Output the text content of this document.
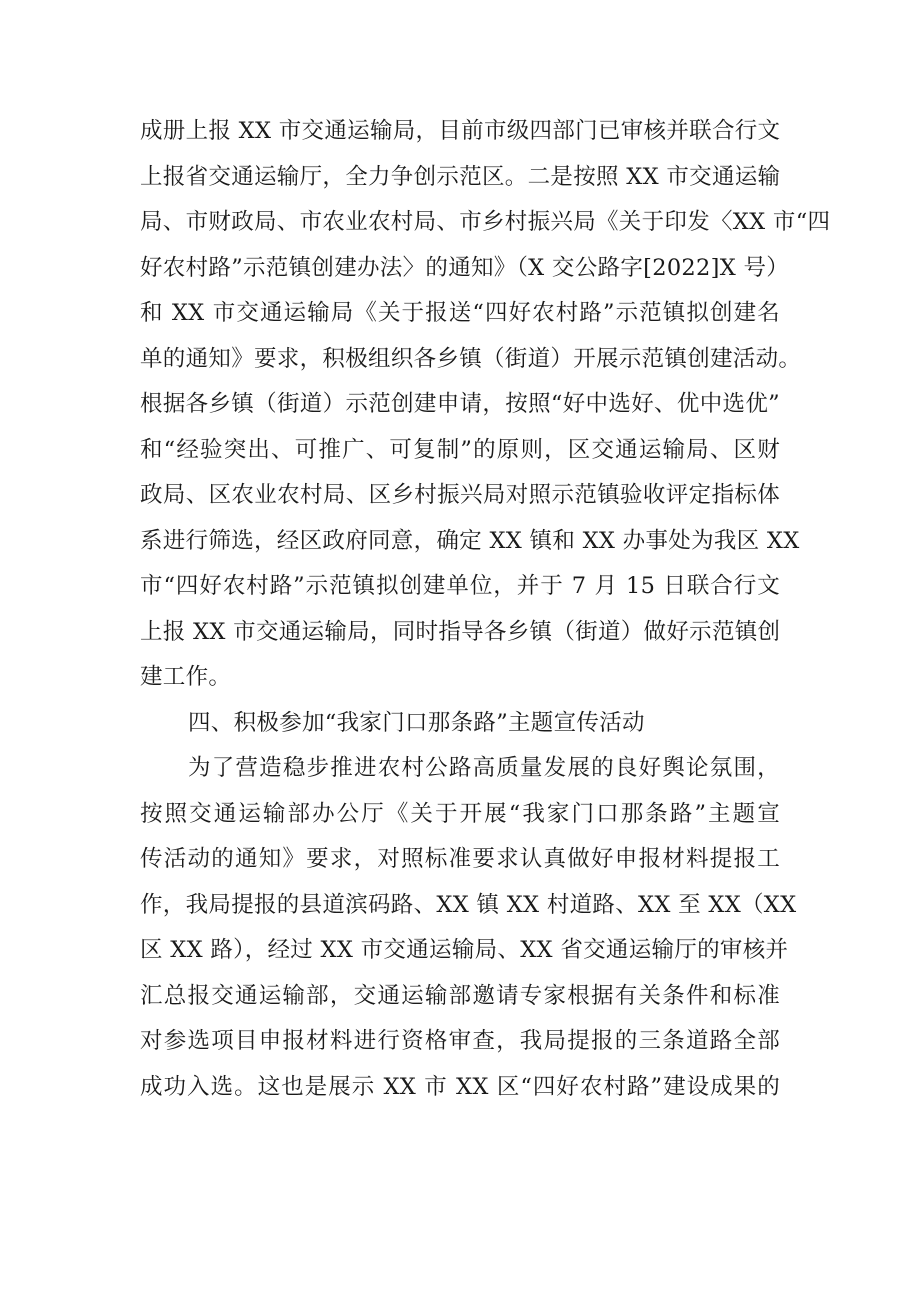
成册上报 XX 市交通运输局，目前市级四部门已审核并联合行文
上报省交通运输厅，全力争创示范区。二是按照 XX 市交通运输
局、市财政局、市农业农村局、市乡村振兴局《关于印发〈XX 市“四
好农村路”示范镇创建办法〉的通知》（X 交公路字[2022]X 号）
和 XX 市交通运输局《关于报送“四好农村路”示范镇拟创建名
单的通知》要求，积极组织各乡镇（街道）开展示范镇创建活动。
根据各乡镇（街道）示范创建申请，按照“好中选好、优中选优”
和“经验突出、可推广、可复制”的原则，区交通运输局、区财
政局、区农业农村局、区乡村振兴局对照示范镇验收评定指标体
系进行筛选，经区政府同意，确定 XX 镇和 XX 办事处为我区 XX
市“四好农村路”示范镇拟创建单位，并于 7 月 15 日联合行文
上报 XX 市交通运输局，同时指导各乡镇（街道）做好示范镇创
建工作。
四、积极参加“我家门口那条路”主题宣传活动
为了营造稳步推进农村公路高质量发展的良好舆论氛围，
按照交通运输部办公厅《关于开展“我家门口那条路”主题宣
传活动的通知》要求，对照标准要求认真做好申报材料提报工
作，我局提报的县道滨码路、XX 镇 XX 村道路、XX 至 XX（XX
区 XX 路），经过 XX 市交通运输局、XX 省交通运输厅的审核并
汇总报交通运输部，交通运输部邀请专家根据有关条件和标准
对参选项目申报材料进行资格审查，我局提报的三条道路全部
成功入选。这也是展示 XX 市 XX 区“四好农村路”建设成果的
